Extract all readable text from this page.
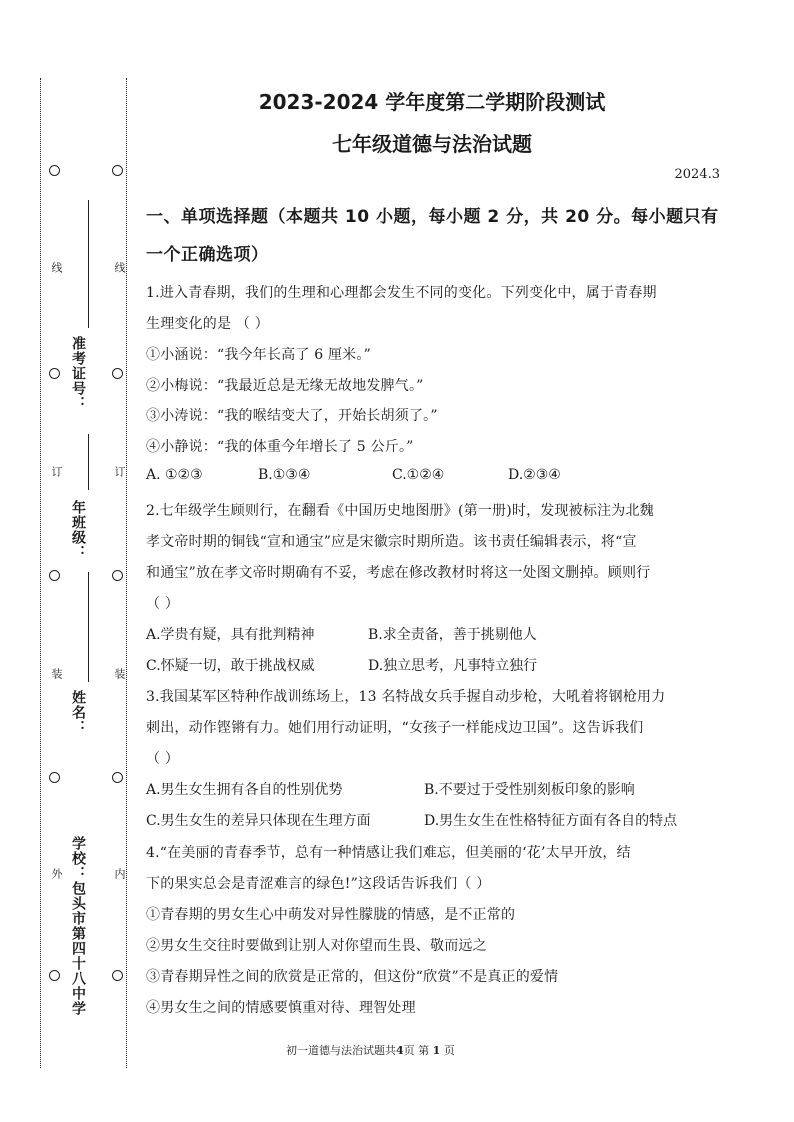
外
装
订
线
内
装
订
线
学校：包头市第四十八中学
姓名：
年班级：
准考证号：
2023-2024 学年度第二学期阶段测试
七年级道德与法治试题
2024.3
一、单项选择题（本题共 10 小题，每小题 2 分，共 20 分。每小题只有
一个正确选项）
1.进入青春期，我们的生理和心理都会发生不同的变化。下列变化中，属于青春期
生理变化的是 （ ）
①小涵说：“我今年长高了 6 厘米。”
②小梅说：“我最近总是无缘无故地发脾气。”
③小涛说：“我的喉结变大了，开始长胡须了。”
④小静说：“我的体重今年增长了 5 公斤。”
A. ①②③	B.①③④	C.①②④	D.②③④
2.七年级学生顾则行，在翻看《中国历史地图册》(第一册)时，发现被标注为北魏
孝文帝时期的铜钱“宣和通宝”应是宋徽宗时期所造。该书责任编辑表示，将“宣
和通宝”放在孝文帝时期确有不妥，考虑在修改教材时将这一处图文删掉。顾则行
（ ）
A.学贵有疑，具有批判精神	B.求全责备，善于挑剔他人
C.怀疑一切，敢于挑战权威	D.独立思考，凡事特立独行
3.我国某军区特种作战训练场上，13 名特战女兵手握自动步枪，大吼着将钢枪用力
刺出，动作铿锵有力。她们用行动证明，“女孩子一样能戍边卫国”。这告诉我们
（ ）
A.男生女生拥有各自的性别优势	B.不要过于受性别刻板印象的影响
C.男生女生的差异只体现在生理方面	D.男生女生在性格特征方面有各自的特点
4.“在美丽的青春季节，总有一种情感让我们难忘，但美丽的‘花’太早开放，结
下的果实总会是青涩难言的绿色!”这段话告诉我们（ ）
①青春期的男女生心中萌发对异性朦胧的情感，是不正常的
②男女生交往时要做到让别人对你望而生畏、敬而远之
③青春期异性之间的欣赏是正常的，但这份“欣赏”不是真正的爱情
④男女生之间的情感要慎重对待、理智处理
初一道德与法治试题共4页 第 1 页
